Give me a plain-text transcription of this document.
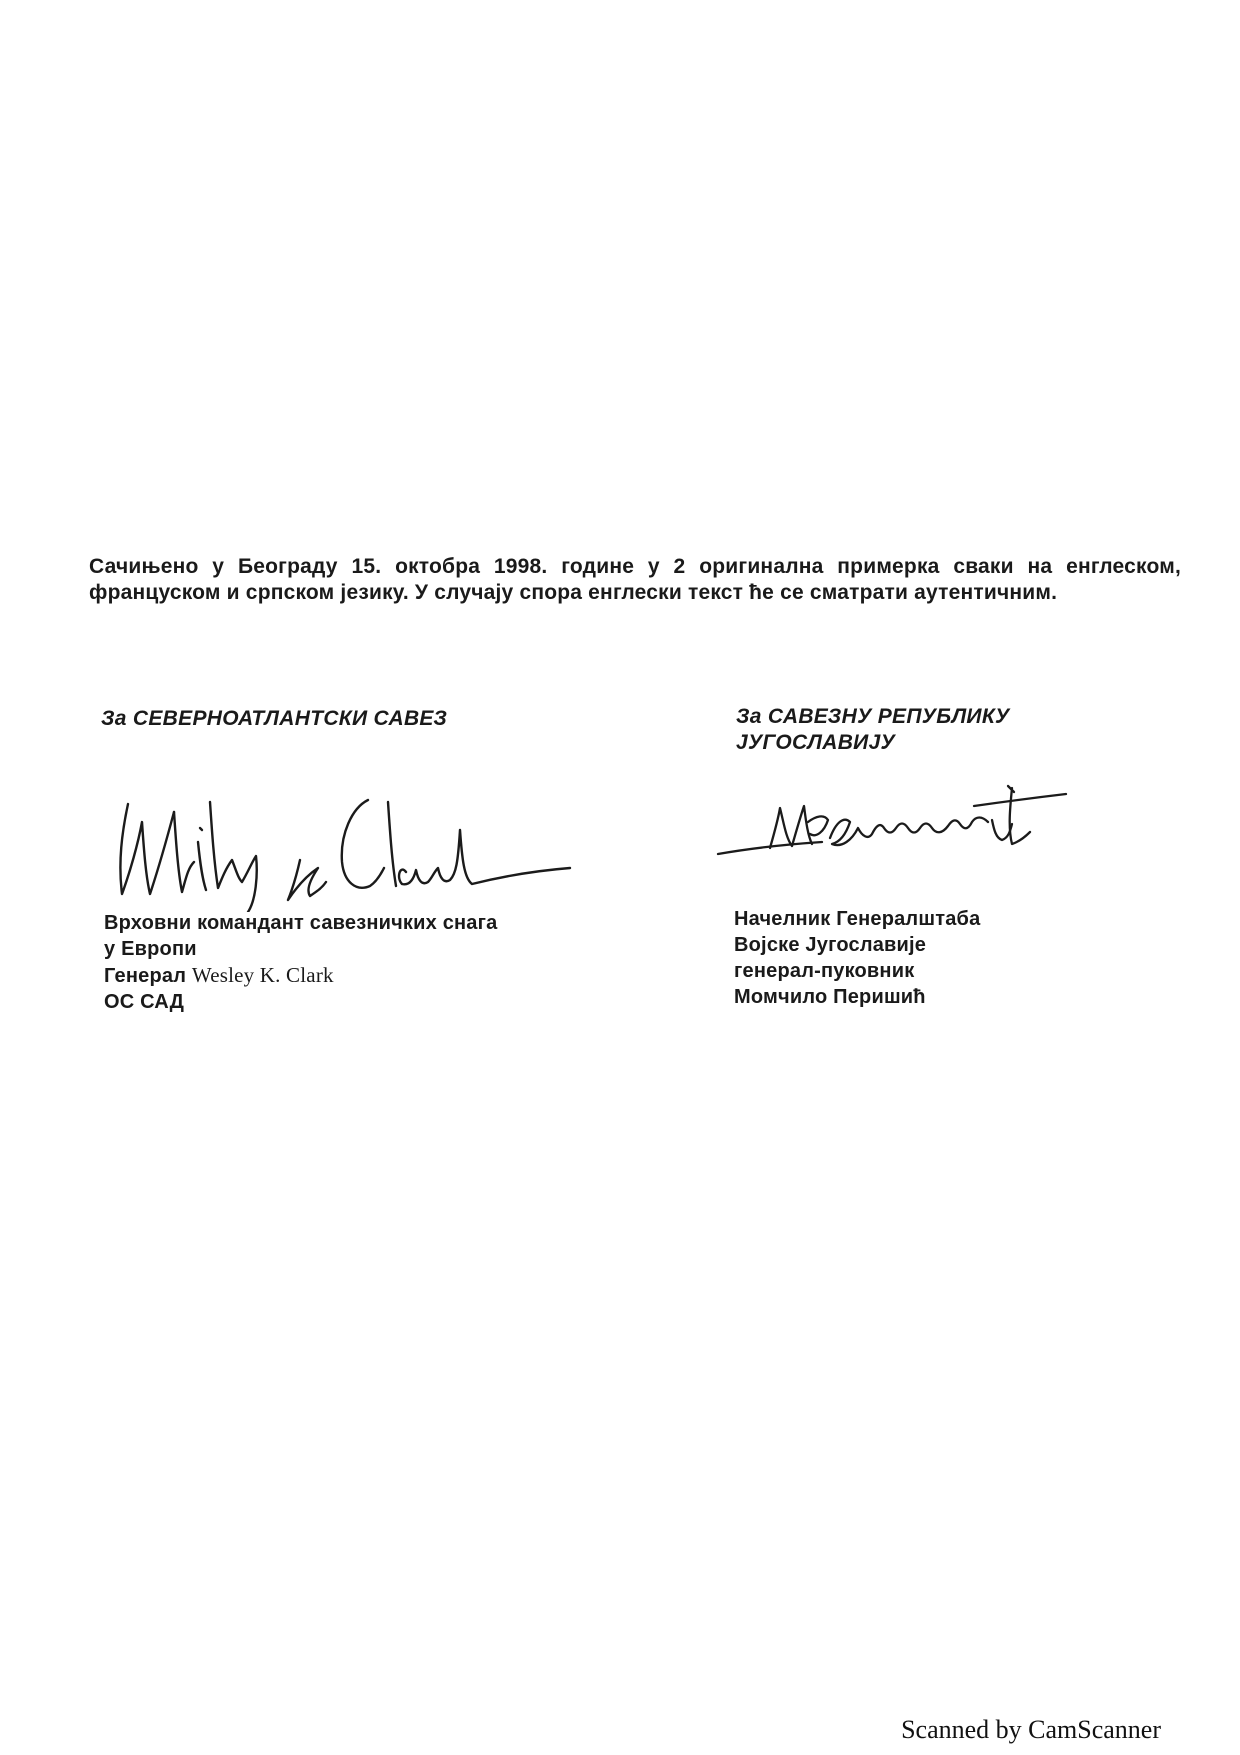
Сачињено у Београду 15. октобра 1998. године у 2 оригинална примерка сваки на енглеском, француском и српском језику. У случају спора енглески текст ће се сматрати аутентичним.
За СЕВЕРНОАТЛАНТСКИ САВЕЗ	За САВЕЗНУ РЕПУБЛИКУ
ЈУГОСЛАВИЈУ
Врховни командант савезничких снага
у Европи
Генерал Wesley K. Clark
ОС САД
Начелник Генералштаба
Војске Југославије
генерал-пуковник
Момчило Перишић
Scanned by CamScanner
